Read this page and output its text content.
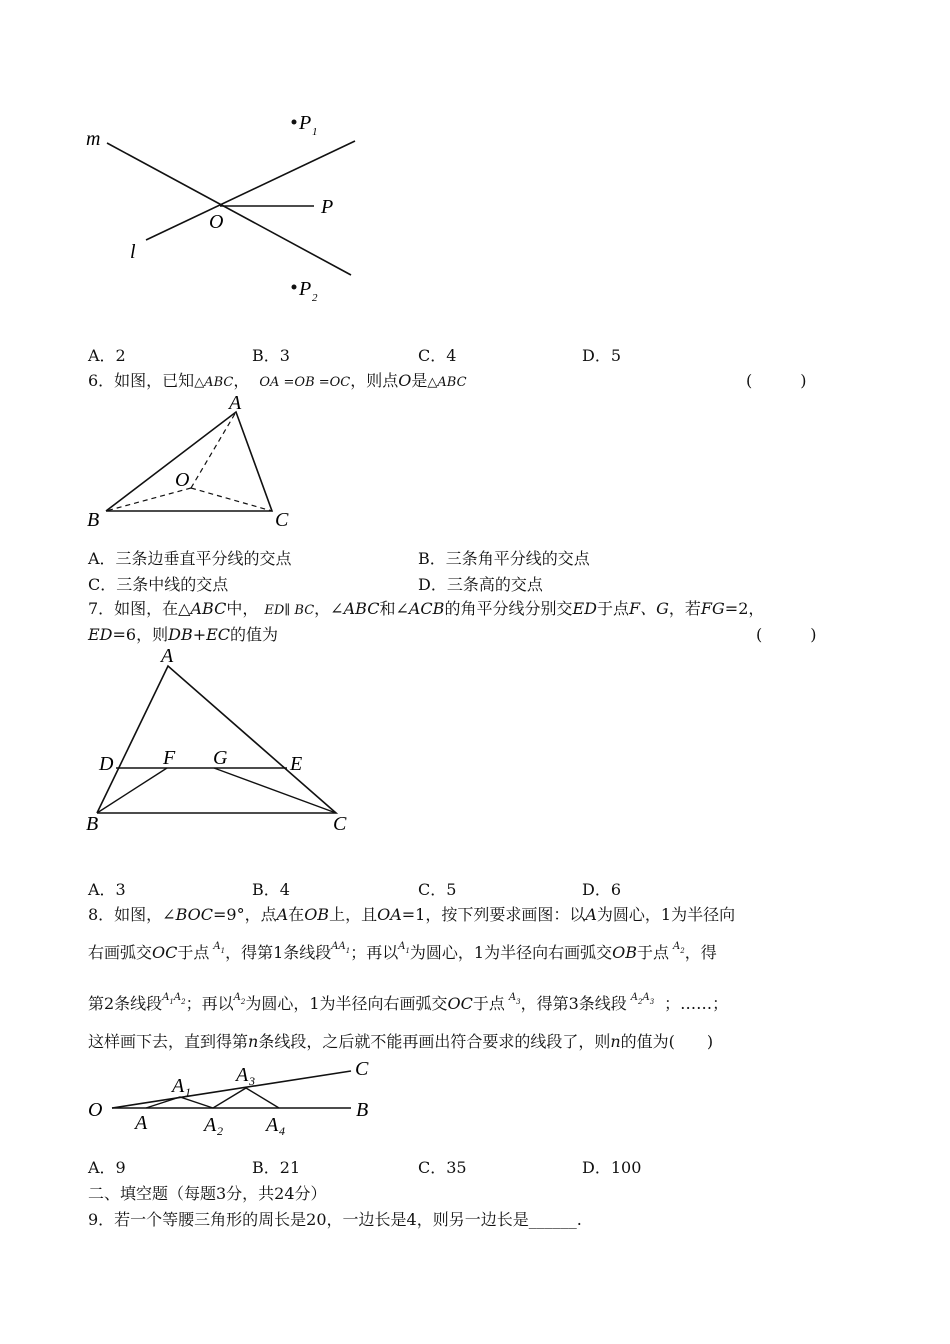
m
l
O
P
P 1
P 2
A．2	B．3	C．4	D．5
6．如图，已知△ABC， OA =OB =OC，则点O是△ABC	(　　　)
A
B	C
O
A．三条边垂直平分线的交点	B．三条角平分线的交点
C．三条中线的交点	D．三条高的交点
7．如图，在△ABC中， ED∥ BC，∠ABC和∠ACB的角平分线分别交ED于点F、G，若FG=2，
ED=6，则DB+EC的值为	(　　　)
A
D F G	E
B	C
A．3	B．4	C．5	D．6
8．如图，∠BOC=9°，点A在OB上，且OA=1，按下列要求画图：以A为圆心，1为半径向
右画弧交OC于点 $^{A1}$，得第1条线段$^{AA1}$；再以$^{A1}$为圆心，1为半径向右画弧交OB于点 $^{A2}$，得
第2条线段$^{A1A2}$；再以$^{A2}$为圆心，1为半径向右画弧交OC于点 $^{A3}$，得第3条线段 $^{A2A3}$ ；……；
这样画下去，直到得第n条线段，之后就不能再画出符合要求的线段了，则n的值为(　　)
O	B
C
A
A 1
A 2
A 3
A 4
A．9	B．21	C．35	D．100
二、填空题（每题3分，共24分）
9．若一个等腰三角形的周长是20，一边长是4，则另一边长是______.
